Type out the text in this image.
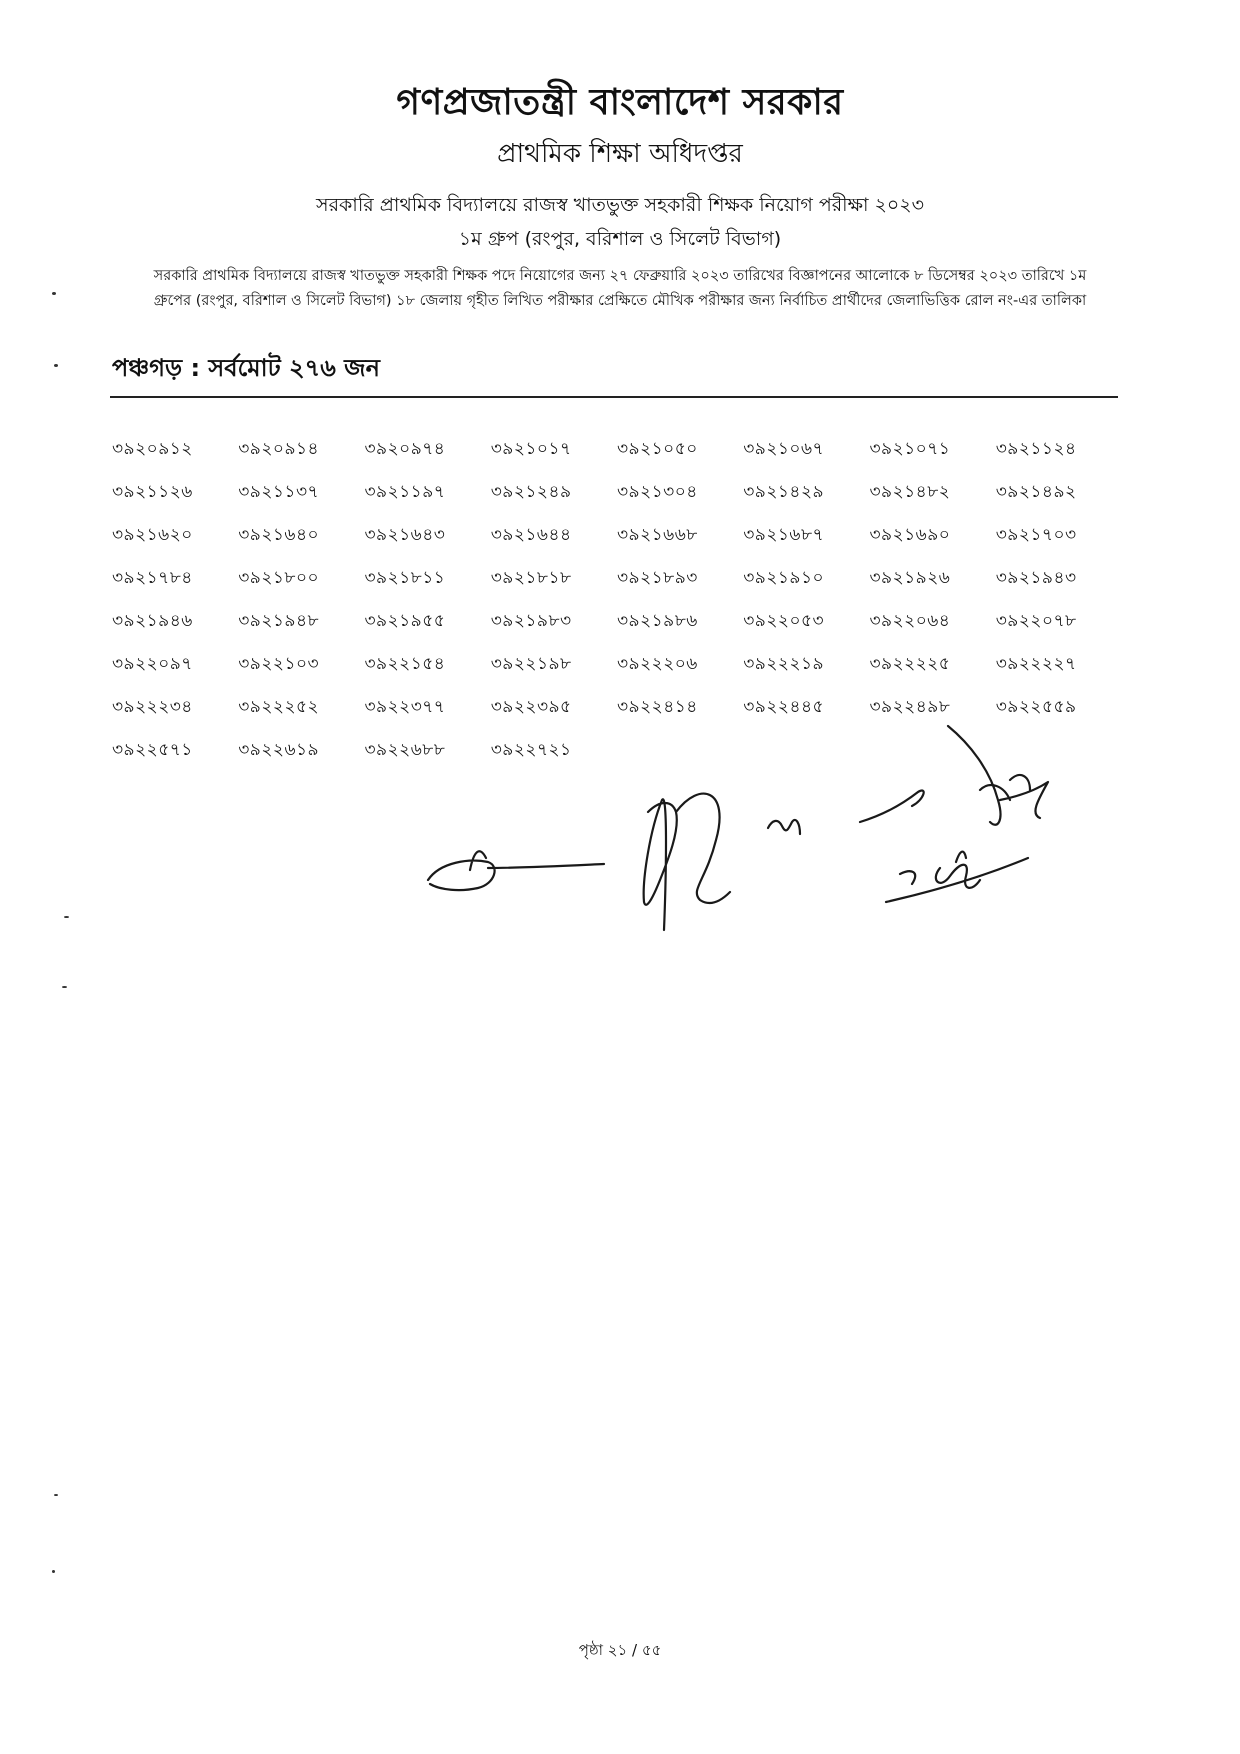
গণপ্রজাতন্ত্রী বাংলাদেশ সরকার
প্রাথমিক শিক্ষা অধিদপ্তর
সরকারি প্রাথমিক বিদ্যালয়ে রাজস্ব খাতভুক্ত সহকারী শিক্ষক নিয়োগ পরীক্ষা ২০২৩
১ম গ্রুপ (রংপুর, বরিশাল ও সিলেট বিভাগ)
সরকারি প্রাথমিক বিদ্যালয়ে রাজস্ব খাতভুক্ত সহকারী শিক্ষক পদে নিয়োগের জন্য ২৭ ফেব্রুয়ারি ২০২৩ তারিখের বিজ্ঞাপনের আলোকে ৮ ডিসেম্বর ২০২৩ তারিখে ১ম গ্রুপের (রংপুর, বরিশাল ও সিলেট বিভাগ) ১৮ জেলায় গৃহীত লিখিত পরীক্ষার প্রেক্ষিতে মৌখিক পরীক্ষার জন্য নির্বাচিত প্রার্থীদের জেলাভিত্তিক রোল নং-এর তালিকা
পঞ্চগড় : সর্বমোট ২৭৬ জন
৩৯২০৯১২	৩৯২০৯১৪	৩৯২০৯৭৪	৩৯২১০১৭	৩৯২১০৫০	৩৯২১০৬৭	৩৯২১০৭১	৩৯২১১২৪
৩৯২১১২৬	৩৯২১১৩৭	৩৯২১১৯৭	৩৯২১২৪৯	৩৯২১৩০৪	৩৯২১৪২৯	৩৯২১৪৮২	৩৯২১৪৯২
৩৯২১৬২০	৩৯২১৬৪০	৩৯২১৬৪৩	৩৯২১৬৪৪	৩৯২১৬৬৮	৩৯২১৬৮৭	৩৯২১৬৯০	৩৯২১৭০৩
৩৯২১৭৮৪	৩৯২১৮০০	৩৯২১৮১১	৩৯২১৮১৮	৩৯২১৮৯৩	৩৯২১৯১০	৩৯২১৯২৬	৩৯২১৯৪৩
৩৯২১৯৪৬	৩৯২১৯৪৮	৩৯২১৯৫৫	৩৯২১৯৮৩	৩৯২১৯৮৬	৩৯২২০৫৩	৩৯২২০৬৪	৩৯২২০৭৮
৩৯২২০৯৭	৩৯২২১০৩	৩৯২২১৫৪	৩৯২২১৯৮	৩৯২২২০৬	৩৯২২২১৯	৩৯২২২২৫	৩৯২২২২৭
৩৯২২২৩৪	৩৯২২২৫২	৩৯২২৩৭৭	৩৯২২৩৯৫	৩৯২২৪১৪	৩৯২২৪৪৫	৩৯২২৪৯৮	৩৯২২৫৫৯
৩৯২২৫৭১	৩৯২২৬১৯	৩৯২২৬৮৮	৩৯২২৭২১
পৃষ্ঠা ২১ / ৫৫
